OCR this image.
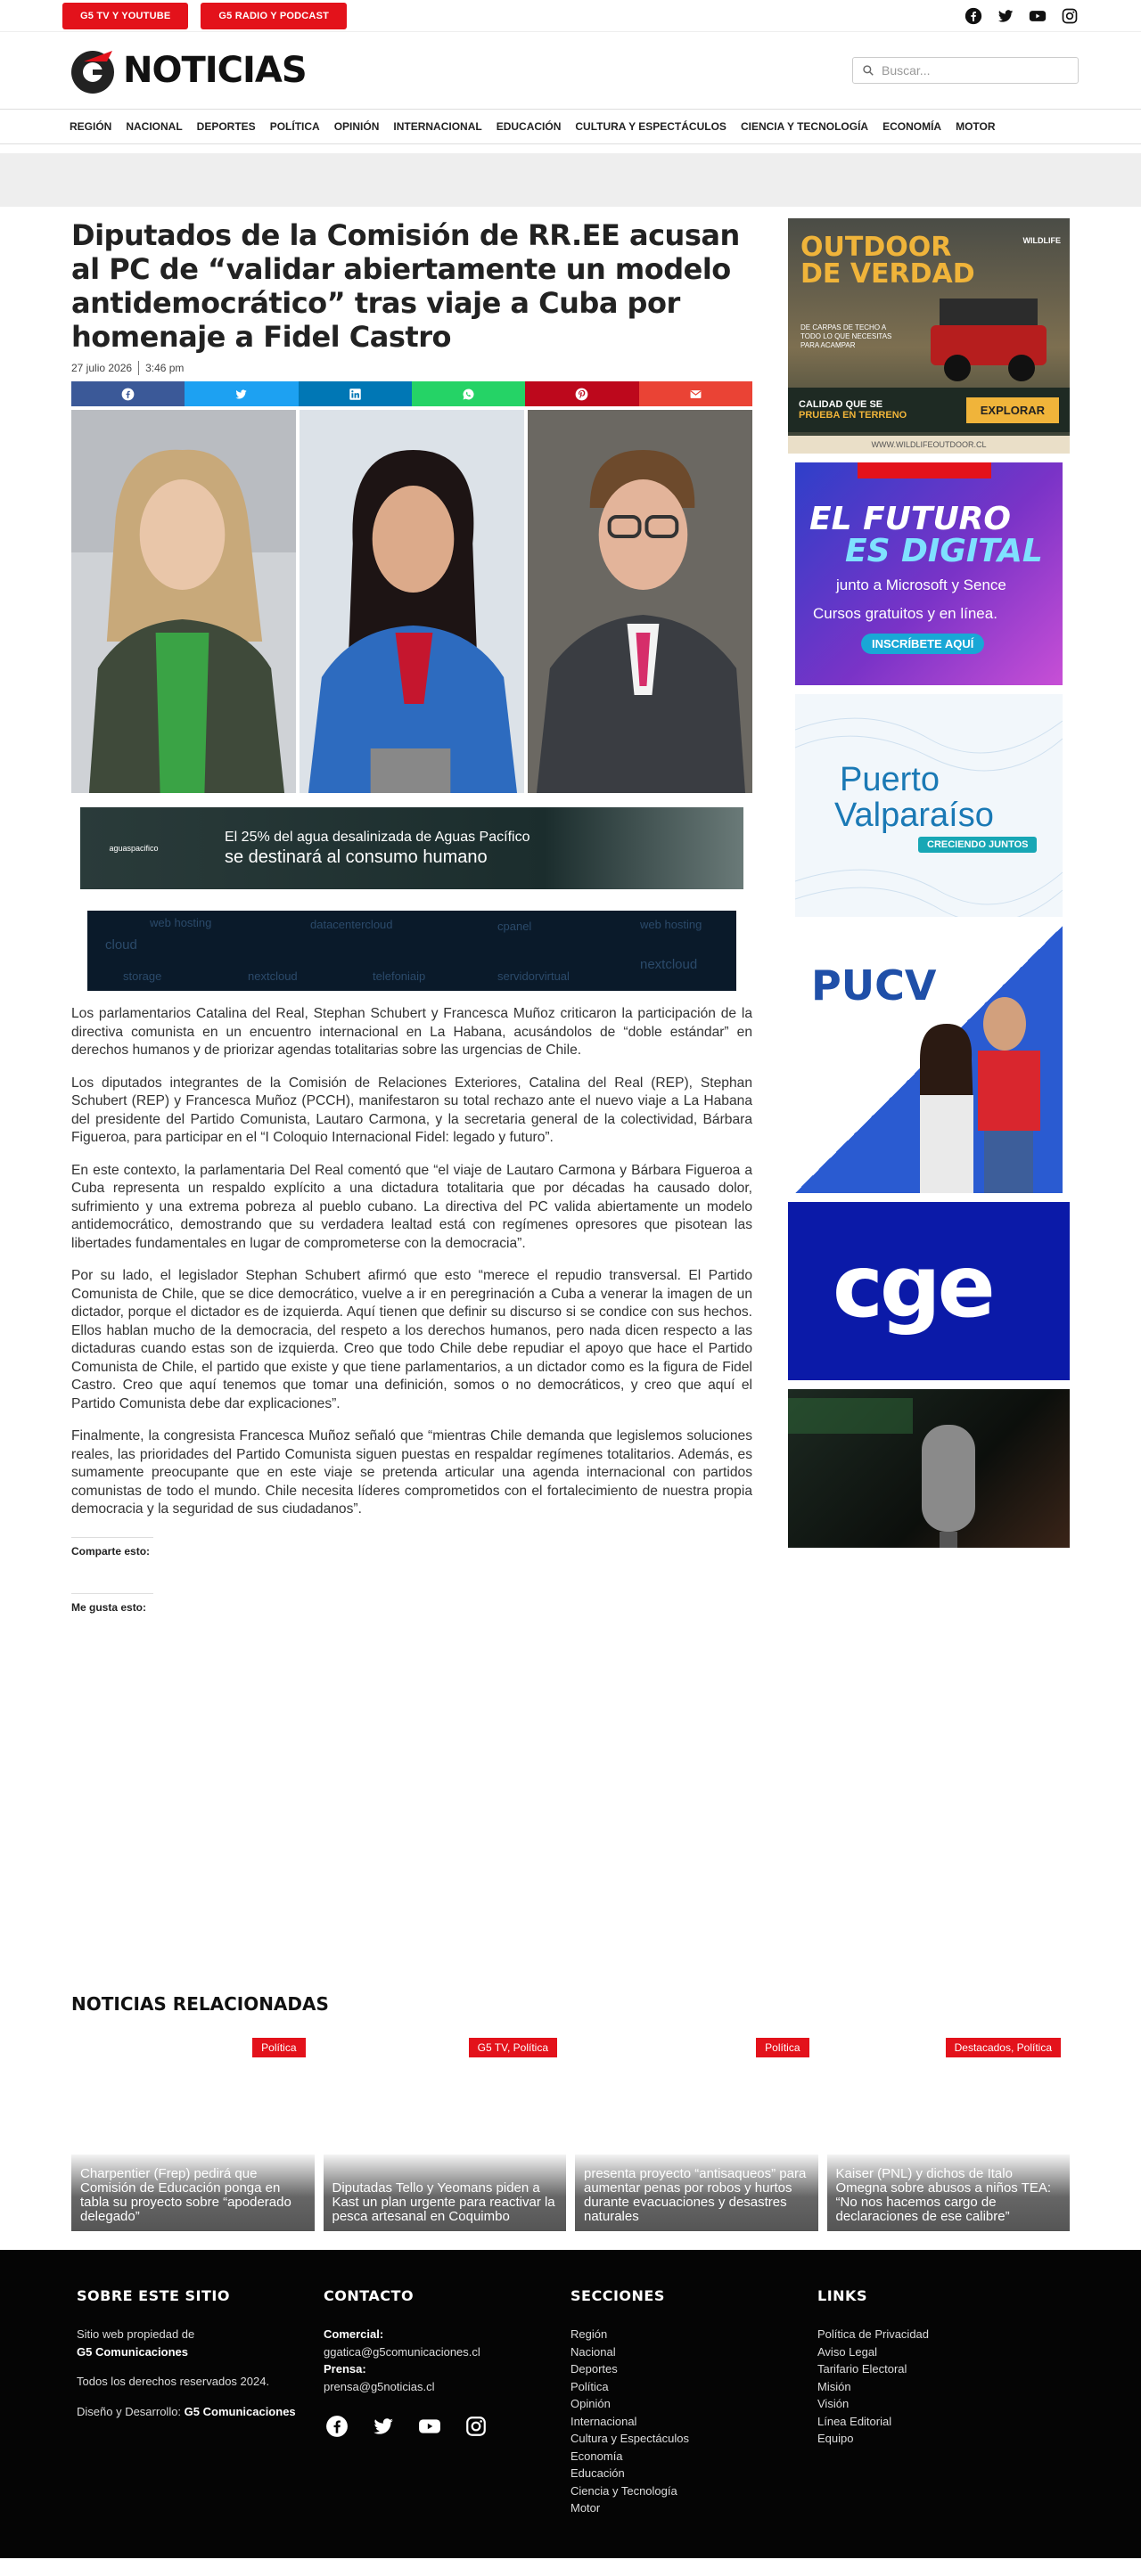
G5 TV Y YOUTUBE	G5 RADIO Y PODCAST
NOTICIAS	Buscar...
REGIÓN NACIONAL DEPORTES POLÍTICA OPINIÓN INTERNACIONAL EDUCACIÓN CULTURA Y ESPECTÁCULOS CIENCIA Y TECNOLOGÍA ECONOMÍA MOTOR
Diputados de la Comisión de RR.EE acusan al PC de “validar abiertamente un modelo antidemocrático” tras viaje a Cuba por homenaje a Fidel Castro
27 julio 2026 3:46 pm
aguaspacifico
El 25% del agua desalinizada de Aguas Pacífico
se destinará al consumo humano
web hosting	datacentercloud	cpanel	web hosting
cloud
storage	nextcloud	telefoniaip	servidorvirtual
nextcloud

Los parlamentarios Catalina del Real, Stephan Schubert y Francesca Muñoz criticaron la participación de la directiva comunista en un encuentro internacional en La Habana, acusándolos de “doble estándar” en derechos humanos y de priorizar agendas totalitarias sobre las urgencias de Chile.

Los diputados integrantes de la Comisión de Relaciones Exteriores, Catalina del Real (REP), Stephan Schubert (REP) y Francesca Muñoz (PCCH), manifestaron su total rechazo ante el nuevo viaje a La Habana del presidente del Partido Comunista, Lautaro Carmona, y la secretaria general de la colectividad, Bárbara Figueroa, para participar en el “I Coloquio Internacional Fidel: legado y futuro”.

En este contexto, la parlamentaria Del Real comentó que “el viaje de Lautaro Carmona y Bárbara Figueroa a Cuba representa un respaldo explícito a una dictadura totalitaria que por décadas ha causado dolor, sufrimiento y una extrema pobreza al pueblo cubano. La directiva del PC valida abiertamente un modelo antidemocrático, demostrando que su verdadera lealtad está con regímenes opresores que pisotean las libertades fundamentales en lugar de comprometerse con la democracia”.

Por su lado, el legislador Stephan Schubert afirmó que esto “merece el repudio transversal. El Partido Comunista de Chile, que se dice democrático, vuelve a ir en peregrinación a Cuba a venerar la imagen de un dictador, porque el dictador es de izquierda. Aquí tienen que definir su discurso si se condice con sus hechos. Ellos hablan mucho de la democracia, del respeto a los derechos humanos, pero nada dicen respecto a las dictaduras cuando estas son de izquierda. Creo que todo Chile debe repudiar el apoyo que hace el Partido Comunista de Chile, el partido que existe y que tiene parlamentarios, a un dictador como es la figura de Fidel Castro. Creo que aquí tenemos que tomar una definición, somos o no democráticos, y creo que aquí el Partido Comunista debe dar explicaciones”.

Finalmente, la congresista Francesca Muñoz señaló que “mientras Chile demanda que legislemos soluciones reales, las prioridades del Partido Comunista siguen puestas en respaldar regímenes totalitarios. Además, es sumamente preocupante que en este viaje se pretenda articular una agenda internacional con partidos comunistas de todo el mundo. Chile necesita líderes comprometidos con el fortalecimiento de nuestra propia democracia y la seguridad de sus ciudadanos”.

Comparte esto:
Me gusta esto:
OUTDOOR
DE VERDAD
WILDLIFE
DE CARPAS DE TECHO A TODO LO QUE NECESITAS PARA ACAMPAR
CALIDAD QUE SE
PRUEBA EN TERRENO	EXPLORAR
WWW.WILDLIFEOUTDOOR.CL
EL FUTURO
ES DIGITAL
junto a Microsoft y Sence
Cursos gratuitos y en línea.
INSCRÍBETE AQUÍ
Puerto
Valparaíso
CRECIENDO JUNTOS
PUCV
cge
NOTICIAS RELACIONADAS
Política
Charpentier (Frep) pedirá que Comisión de Educación ponga en tabla su proyecto sobre “apoderado delegado”
G5 TV, Política
Diputadas Tello y Yeomans piden a Kast un plan urgente para reactivar la pesca artesanal en Coquimbo
Política
presenta proyecto “antisaqueos” para aumentar penas por robos y hurtos durante evacuaciones y desastres naturales
Destacados, Política
Kaiser (PNL) y dichos de Italo Omegna sobre abusos a niños TEA: “No nos hacemos cargo de declaraciones de ese calibre”
SOBRE ESTE SITIO

Sitio web propiedad de

G5 Comunicaciones

Todos los derechos reservados 2024.

Diseño y Desarrollo: G5 Comunicaciones

CONTACTO

Comercial:

ggatica@g5comunicaciones.cl

Prensa:

prensa@g5noticias.cl

SECCIONES
Región
Nacional
Deportes
Política
Opinión
Internacional
Cultura y Espectáculos
Economía
Educación
Ciencia y Tecnología
Motor
LINKS
Política de Privacidad
Aviso Legal
Tarifario Electoral
Misión
Visión
Línea Editorial
Equipo
